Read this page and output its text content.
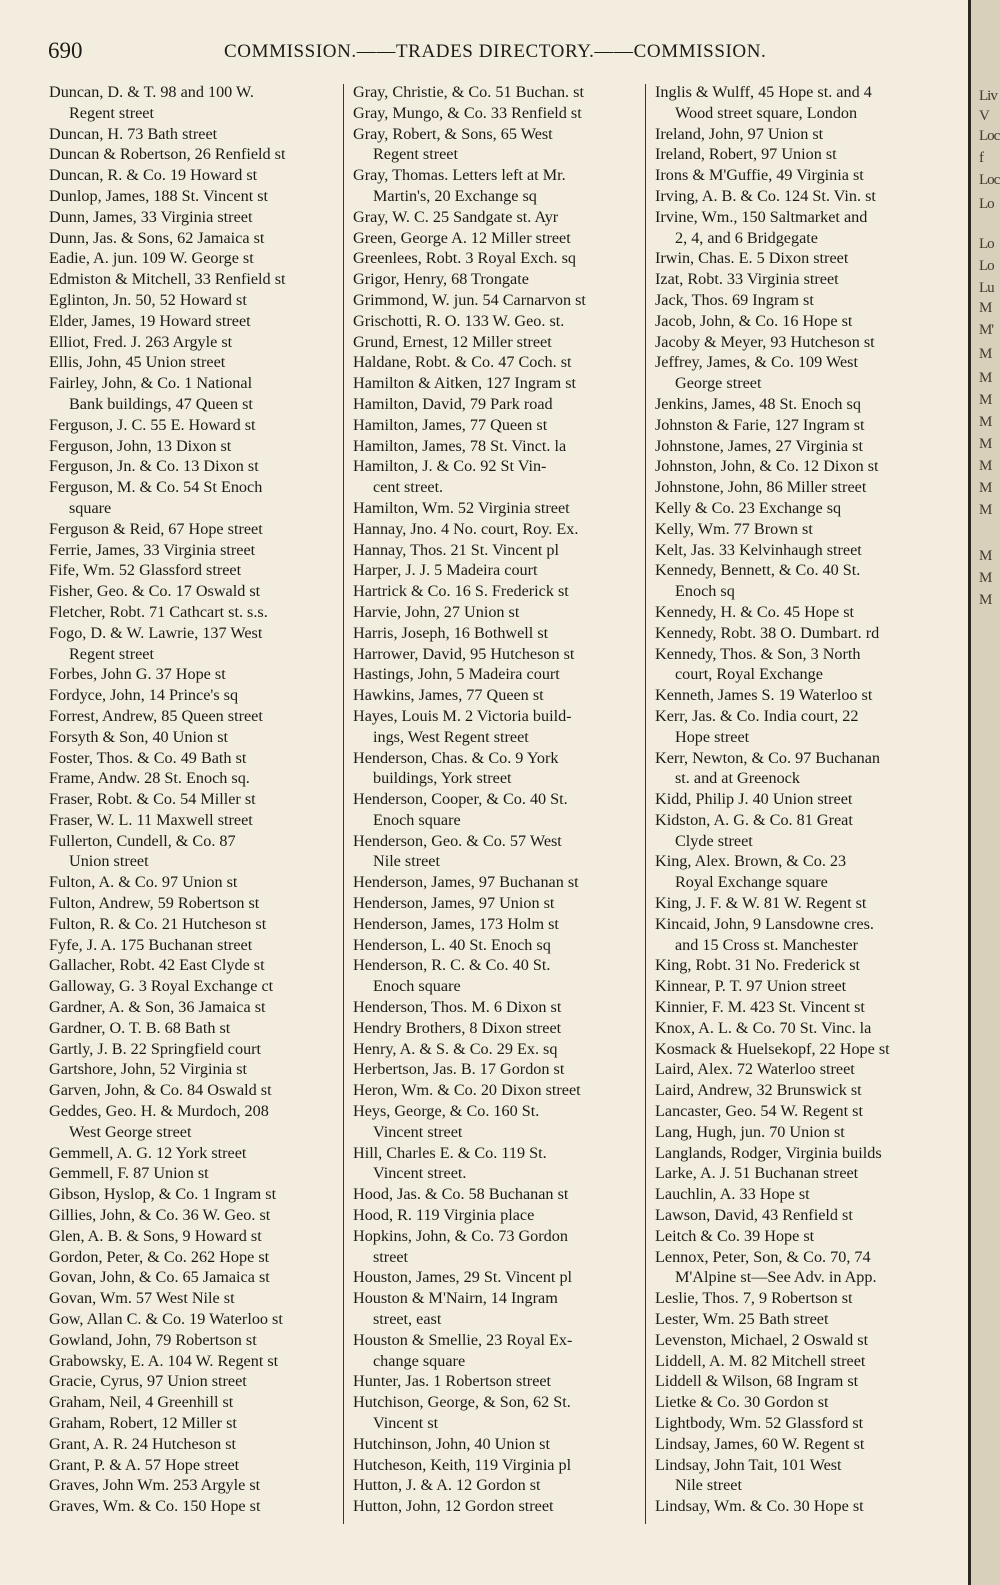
690	COMMISSION.——TRADES DIRECTORY.——COMMISSION.

Duncan, D. & T. 98 and 100 W.
Regent street

Duncan, H. 73 Bath street

Duncan & Robertson, 26 Renfield st

Duncan, R. & Co. 19 Howard st

Dunlop, James, 188 St. Vincent st

Dunn, James, 33 Virginia street

Dunn, Jas. & Sons, 62 Jamaica st

Eadie, A. jun. 109 W. George st

Edmiston & Mitchell, 33 Renfield st

Eglinton, Jn. 50, 52 Howard st

Elder, James, 19 Howard street

Elliot, Fred. J. 263 Argyle st

Ellis, John, 45 Union street

Fairley, John, & Co. 1 National
Bank buildings, 47 Queen st

Ferguson, J. C. 55 E. Howard st

Ferguson, John, 13 Dixon st

Ferguson, Jn. & Co. 13 Dixon st

Ferguson, M. & Co. 54 St Enoch
square

Ferguson & Reid, 67 Hope street

Ferrie, James, 33 Virginia street

Fife, Wm. 52 Glassford street

Fisher, Geo. & Co. 17 Oswald st

Fletcher, Robt. 71 Cathcart st. s.s.

Fogo, D. & W. Lawrie, 137 West
Regent street

Forbes, John G. 37 Hope st

Fordyce, John, 14 Prince's sq

Forrest, Andrew, 85 Queen street

Forsyth & Son, 40 Union st

Foster, Thos. & Co. 49 Bath st

Frame, Andw. 28 St. Enoch sq.

Fraser, Robt. & Co. 54 Miller st

Fraser, W. L. 11 Maxwell street

Fullerton, Cundell, & Co. 87
Union street

Fulton, A. & Co. 97 Union st

Fulton, Andrew, 59 Robertson st

Fulton, R. & Co. 21 Hutcheson st

Fyfe, J. A. 175 Buchanan street

Gallacher, Robt. 42 East Clyde st

Galloway, G. 3 Royal Exchange ct

Gardner, A. & Son, 36 Jamaica st

Gardner, O. T. B. 68 Bath st

Gartly, J. B. 22 Springfield court

Gartshore, John, 52 Virginia st

Garven, John, & Co. 84 Oswald st

Geddes, Geo. H. & Murdoch, 208
West George street

Gemmell, A. G. 12 York street

Gemmell, F. 87 Union st

Gibson, Hyslop, & Co. 1 Ingram st

Gillies, John, & Co. 36 W. Geo. st

Glen, A. B. & Sons, 9 Howard st

Gordon, Peter, & Co. 262 Hope st

Govan, John, & Co. 65 Jamaica st

Govan, Wm. 57 West Nile st

Gow, Allan C. & Co. 19 Waterloo st

Gowland, John, 79 Robertson st

Grabowsky, E. A. 104 W. Regent st

Gracie, Cyrus, 97 Union street

Graham, Neil, 4 Greenhill st

Graham, Robert, 12 Miller st

Grant, A. R. 24 Hutcheson st

Grant, P. & A. 57 Hope street

Graves, John Wm. 253 Argyle st

Graves, Wm. & Co. 150 Hope st

Gray, Christie, & Co. 51 Buchan. st

Gray, Mungo, & Co. 33 Renfield st

Gray, Robert, & Sons, 65 West
Regent street

Gray, Thomas. Letters left at Mr.
Martin's, 20 Exchange sq

Gray, W. C. 25 Sandgate st. Ayr

Green, George A. 12 Miller street

Greenlees, Robt. 3 Royal Exch. sq

Grigor, Henry, 68 Trongate

Grimmond, W. jun. 54 Carnarvon st

Grischotti, R. O. 133 W. Geo. st.

Grund, Ernest, 12 Miller street

Haldane, Robt. & Co. 47 Coch. st

Hamilton & Aitken, 127 Ingram st

Hamilton, David, 79 Park road

Hamilton, James, 77 Queen st

Hamilton, James, 78 St. Vinct. la

Hamilton, J. & Co. 92 St Vin-
cent street.

Hamilton, Wm. 52 Virginia street

Hannay, Jno. 4 No. court, Roy. Ex.

Hannay, Thos. 21 St. Vincent pl

Harper, J. J. 5 Madeira court

Hartrick & Co. 16 S. Frederick st

Harvie, John, 27 Union st

Harris, Joseph, 16 Bothwell st

Harrower, David, 95 Hutcheson st

Hastings, John, 5 Madeira court

Hawkins, James, 77 Queen st

Hayes, Louis M. 2 Victoria build-
ings, West Regent street

Henderson, Chas. & Co. 9 York
buildings, York street

Henderson, Cooper, & Co. 40 St.
Enoch square

Henderson, Geo. & Co. 57 West
Nile street

Henderson, James, 97 Buchanan st

Henderson, James, 97 Union st

Henderson, James, 173 Holm st

Henderson, L. 40 St. Enoch sq

Henderson, R. C. & Co. 40 St.
Enoch square

Henderson, Thos. M. 6 Dixon st

Hendry Brothers, 8 Dixon street

Henry, A. & S. & Co. 29 Ex. sq

Herbertson, Jas. B. 17 Gordon st

Heron, Wm. & Co. 20 Dixon street

Heys, George, & Co. 160 St.
Vincent street

Hill, Charles E. & Co. 119 St.
Vincent street.

Hood, Jas. & Co. 58 Buchanan st

Hood, R. 119 Virginia place

Hopkins, John, & Co. 73 Gordon
street

Houston, James, 29 St. Vincent pl

Houston & M'Nairn, 14 Ingram
street, east

Houston & Smellie, 23 Royal Ex-
change square

Hunter, Jas. 1 Robertson street

Hutchison, George, & Son, 62 St.
Vincent st

Hutchinson, John, 40 Union st

Hutcheson, Keith, 119 Virginia pl

Hutton, J. & A. 12 Gordon st

Hutton, John, 12 Gordon street

Inglis & Wulff, 45 Hope st. and 4
Wood street square, London

Ireland, John, 97 Union st

Ireland, Robert, 97 Union st

Irons & M'Guffie, 49 Virginia st

Irving, A. B. & Co. 124 St. Vin. st

Irvine, Wm., 150 Saltmarket and
2, 4, and 6 Bridgegate

Irwin, Chas. E. 5 Dixon street

Izat, Robt. 33 Virginia street

Jack, Thos. 69 Ingram st

Jacob, John, & Co. 16 Hope st

Jacoby & Meyer, 93 Hutcheson st

Jeffrey, James, & Co. 109 West
George street

Jenkins, James, 48 St. Enoch sq

Johnston & Farie, 127 Ingram st

Johnstone, James, 27 Virginia st

Johnston, John, & Co. 12 Dixon st

Johnstone, John, 86 Miller street

Kelly & Co. 23 Exchange sq

Kelly, Wm. 77 Brown st

Kelt, Jas. 33 Kelvinhaugh street

Kennedy, Bennett, & Co. 40 St.
Enoch sq

Kennedy, H. & Co. 45 Hope st

Kennedy, Robt. 38 O. Dumbart. rd

Kennedy, Thos. & Son, 3 North
court, Royal Exchange

Kenneth, James S. 19 Waterloo st

Kerr, Jas. & Co. India court, 22
Hope street

Kerr, Newton, & Co. 97 Buchanan
st. and at Greenock

Kidd, Philip J. 40 Union street

Kidston, A. G. & Co. 81 Great
Clyde street

King, Alex. Brown, & Co. 23
Royal Exchange square

King, J. F. & W. 81 W. Regent st

Kincaid, John, 9 Lansdowne cres.
and 15 Cross st. Manchester

King, Robt. 31 No. Frederick st

Kinnear, P. T. 97 Union street

Kinnier, F. M. 423 St. Vincent st

Knox, A. L. & Co. 70 St. Vinc. la

Kosmack & Huelsekopf, 22 Hope st

Laird, Alex. 72 Waterloo street

Laird, Andrew, 32 Brunswick st

Lancaster, Geo. 54 W. Regent st

Lang, Hugh, jun. 70 Union st

Langlands, Rodger, Virginia builds

Larke, A. J. 51 Buchanan street

Lauchlin, A. 33 Hope st

Lawson, David, 43 Renfield st

Leitch & Co. 39 Hope st

Lennox, Peter, Son, & Co. 70, 74
M'Alpine st—See Adv. in App.

Leslie, Thos. 7, 9 Robertson st

Lester, Wm. 25 Bath street

Levenston, Michael, 2 Oswald st

Liddell, A. M. 82 Mitchell street

Liddell & Wilson, 68 Ingram st

Lietke & Co. 30 Gordon st

Lightbody, Wm. 52 Glassford st

Lindsay, James, 60 W. Regent st

Lindsay, John Tait, 101 West
Nile street

Lindsay, Wm. & Co. 30 Hope st

Liv
V
Loc
f
Loc
Lo
Lo
Lo
Lu
M
M'
M
M
M
M
M
M
M
M
M
M
M
